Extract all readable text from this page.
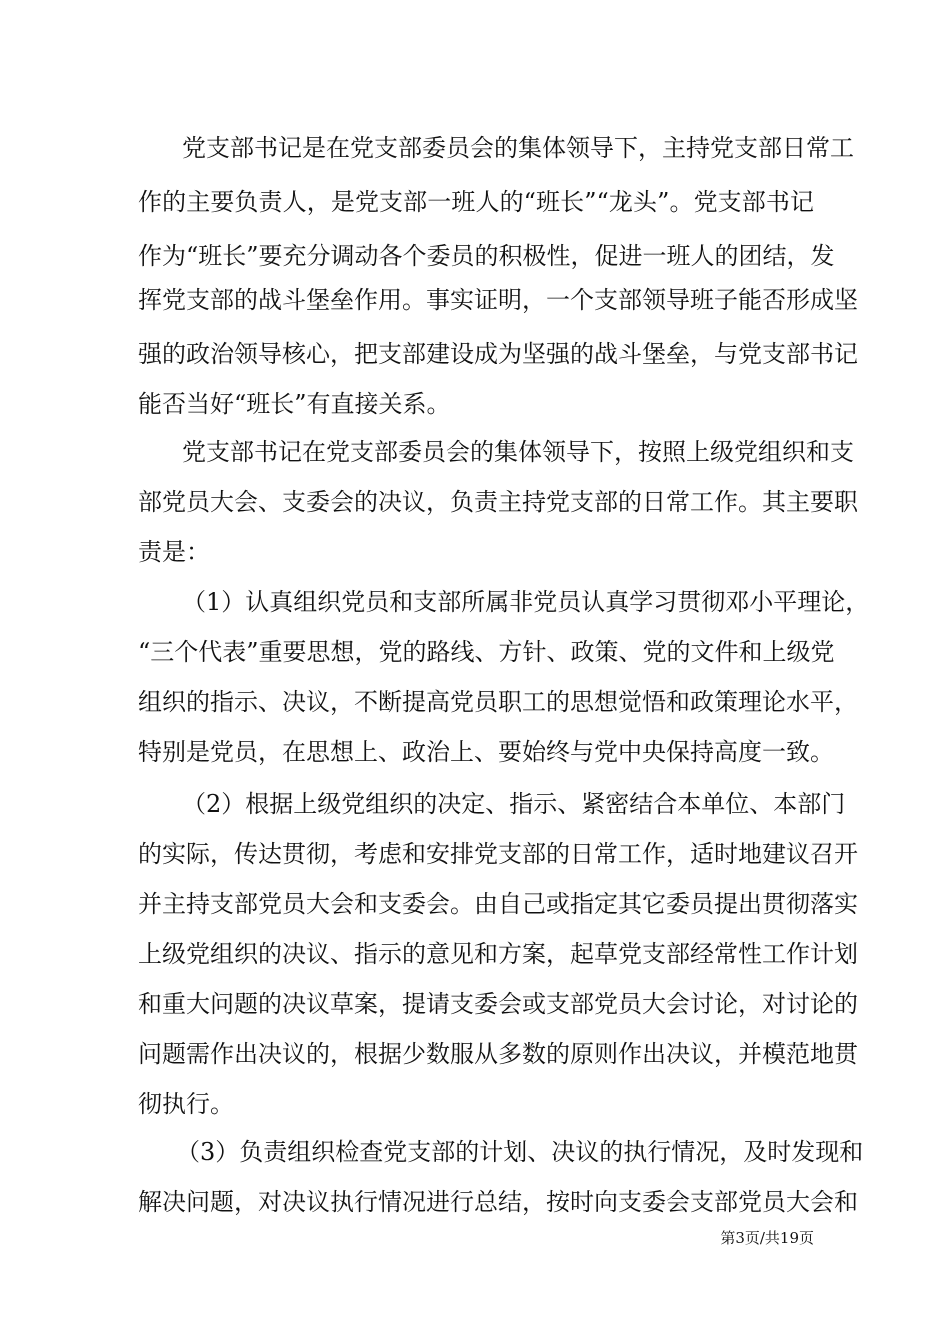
党支部书记是在党支部委员会的集体领导下，主持党支部日常工
作的主要负责人，是党支部一班人的“班长”“龙头”。党支部书记
作为“班长”要充分调动各个委员的积极性，促进一班人的团结，发
挥党支部的战斗堡垒作用。事实证明，一个支部领导班子能否形成坚
强的政治领导核心，把支部建设成为坚强的战斗堡垒，与党支部书记
能否当好“班长”有直接关系。
党支部书记在党支部委员会的集体领导下，按照上级党组织和支
部党员大会、支委会的决议，负责主持党支部的日常工作。其主要职
责是：
（1）认真组织党员和支部所属非党员认真学习贯彻邓小平理论，
“三个代表”重要思想，党的路线、方针、政策、党的文件和上级党
组织的指示、决议，不断提高党员职工的思想觉悟和政策理论水平，
特别是党员，在思想上、政治上、要始终与党中央保持高度一致。
（2）根据上级党组织的决定、指示、紧密结合本单位、本部门
的实际，传达贯彻，考虑和安排党支部的日常工作，适时地建议召开
并主持支部党员大会和支委会。由自己或指定其它委员提出贯彻落实
上级党组织的决议、指示的意见和方案，起草党支部经常性工作计划
和重大问题的决议草案，提请支委会或支部党员大会讨论，对讨论的
问题需作出决议的，根据少数服从多数的原则作出决议，并模范地贯
彻执行。
（3）负责组织检查党支部的计划、决议的执行情况，及时发现和
解决问题，对决议执行情况进行总结，按时向支委会支部党员大会和
第3页/共19页
